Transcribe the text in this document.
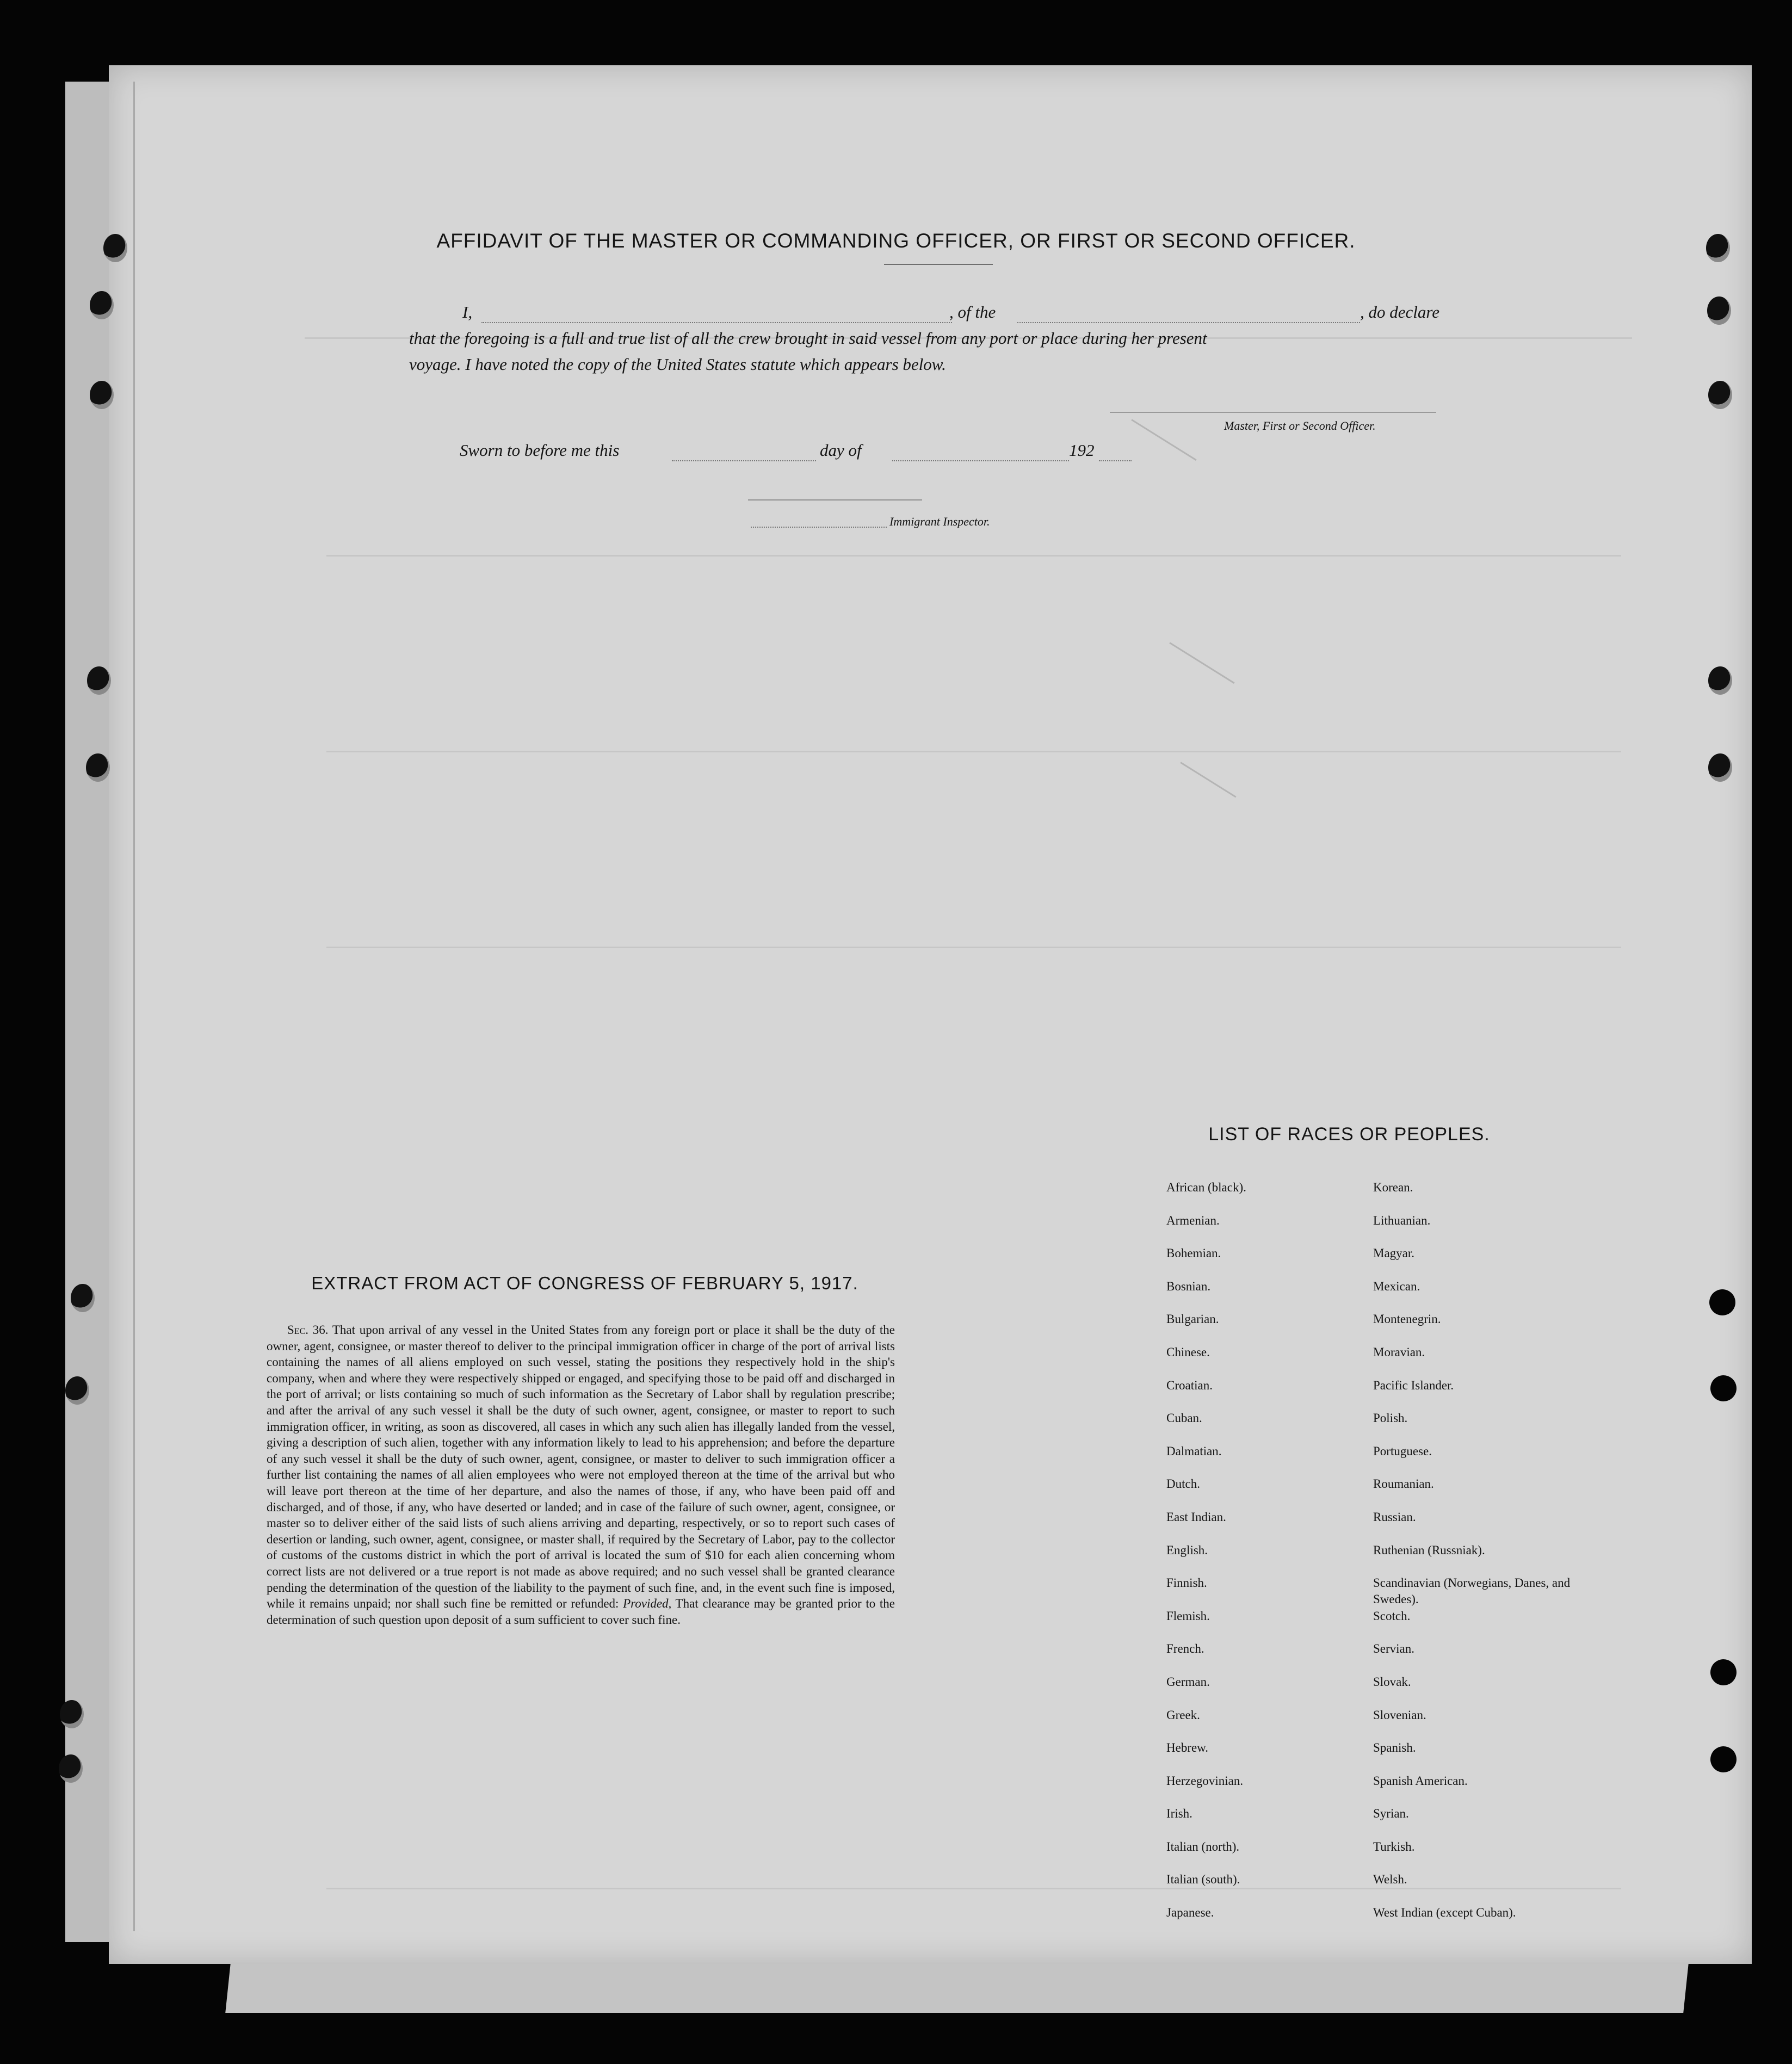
AFFIDAVIT OF THE MASTER OR COMMANDING OFFICER, OR FIRST OR SECOND OFFICER.
I,	, of the	, do declare
that the foregoing is a full and true list of all the crew brought in said vessel from any port or place during her present
voyage. I have noted the copy of the United States statute which appears below.
Master, First or Second Officer.
Sworn to before me this	day of	192
Immigrant Inspector.
EXTRACT FROM ACT OF CONGRESS OF FEBRUARY 5, 1917.

Sec. 36. That upon arrival of any vessel in the United States from any foreign port or place it shall be the duty of the owner, agent, consignee, or master thereof to deliver to the principal immigration officer in charge of the port of arrival lists containing the names of all aliens employed on such vessel, stating the positions they respectively hold in the ship's company, when and where they were respectively shipped or engaged, and specifying those to be paid off and discharged in the port of arrival; or lists containing so much of such information as the Secretary of Labor shall by regulation prescribe; and after the arrival of any such vessel it shall be the duty of such owner, agent, consignee, or master to report to such immigration officer, in writing, as soon as discovered, all cases in which any such alien has illegally landed from the vessel, giving a description of such alien, together with any information likely to lead to his apprehension; and before the departure of any such vessel it shall be the duty of such owner, agent, consignee, or master to deliver to such immigration officer a further list containing the names of all alien employees who were not employed thereon at the time of the arrival but who will leave port thereon at the time of her departure, and also the names of those, if any, who have been paid off and discharged, and of those, if any, who have deserted or landed; and in case of the failure of such owner, agent, consignee, or master so to deliver either of the said lists of such aliens arriving and departing, respectively, or so to report such cases of desertion or landing, such owner, agent, consignee, or master shall, if required by the Secretary of Labor, pay to the collector of customs of the customs district in which the port of arrival is located the sum of $10 for each alien concerning whom correct lists are not delivered or a true report is not made as above required; and no such vessel shall be granted clearance pending the determination of the question of the liability to the payment of such fine, and, in the event such fine is imposed, while it remains unpaid; nor shall such fine be remitted or refunded: Provided, That clearance may be granted prior to the determination of such question upon deposit of a sum sufficient to cover such fine.

LIST OF RACES OR PEOPLES.
African (black).	Korean.
Armenian.	Lithuanian.
Bohemian.	Magyar.
Bosnian.	Mexican.
Bulgarian.	Montenegrin.
Chinese.	Moravian.
Croatian.	Pacific Islander.
Cuban.	Polish.
Dalmatian.	Portuguese.
Dutch.	Roumanian.
East Indian.	Russian.
English.	Ruthenian (Russniak).
Finnish.	Scandinavian (Norwegians, Danes, and Swedes).
Flemish.	Scotch.
French.	Servian.
German.	Slovak.
Greek.	Slovenian.
Hebrew.	Spanish.
Herzegovinian.	Spanish American.
Irish.	Syrian.
Italian (north).	Turkish.
Italian (south).	Welsh.
Japanese.	West Indian (except Cuban).
